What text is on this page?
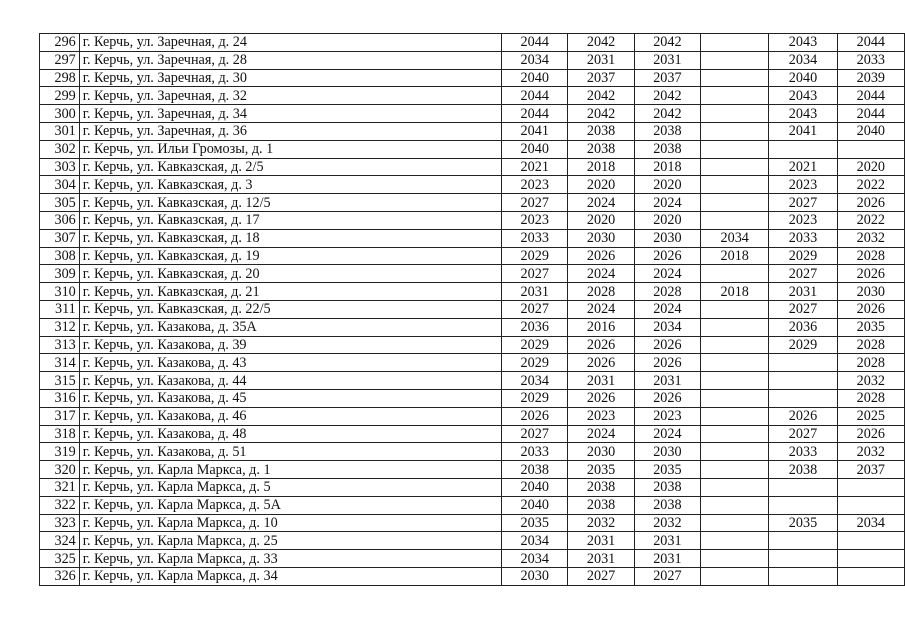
296	г. Керчь, ул. Заречная, д. 24	2044	2042	2042		2043	2044
297	г. Керчь, ул. Заречная, д. 28	2034	2031	2031		2034	2033
298	г. Керчь, ул. Заречная, д. 30	2040	2037	2037		2040	2039
299	г. Керчь, ул. Заречная, д. 32	2044	2042	2042		2043	2044
300	г. Керчь, ул. Заречная, д. 34	2044	2042	2042		2043	2044
301	г. Керчь, ул. Заречная, д. 36	2041	2038	2038		2041	2040
302	г. Керчь, ул. Ильи Громозы, д. 1	2040	2038	2038			
303	г. Керчь, ул. Кавказская, д. 2/5	2021	2018	2018		2021	2020
304	г. Керчь, ул. Кавказская, д. 3	2023	2020	2020		2023	2022
305	г. Керчь, ул. Кавказская, д. 12/5	2027	2024	2024		2027	2026
306	г. Керчь, ул. Кавказская, д. 17	2023	2020	2020		2023	2022
307	г. Керчь, ул. Кавказская, д. 18	2033	2030	2030	2034	2033	2032
308	г. Керчь, ул. Кавказская, д. 19	2029	2026	2026	2018	2029	2028
309	г. Керчь, ул. Кавказская, д. 20	2027	2024	2024		2027	2026
310	г. Керчь, ул. Кавказская, д. 21	2031	2028	2028	2018	2031	2030
311	г. Керчь, ул. Кавказская, д. 22/5	2027	2024	2024		2027	2026
312	г. Керчь, ул. Казакова, д. 35А	2036	2016	2034		2036	2035
313	г. Керчь, ул. Казакова, д. 39	2029	2026	2026		2029	2028
314	г. Керчь, ул. Казакова, д. 43	2029	2026	2026			2028
315	г. Керчь, ул. Казакова, д. 44	2034	2031	2031			2032
316	г. Керчь, ул. Казакова, д. 45	2029	2026	2026			2028
317	г. Керчь, ул. Казакова, д. 46	2026	2023	2023		2026	2025
318	г. Керчь, ул. Казакова, д. 48	2027	2024	2024		2027	2026
319	г. Керчь, ул. Казакова, д. 51	2033	2030	2030		2033	2032
320	г. Керчь, ул. Карла Маркса, д. 1	2038	2035	2035		2038	2037
321	г. Керчь, ул. Карла Маркса, д. 5	2040	2038	2038			
322	г. Керчь, ул. Карла Маркса, д. 5А	2040	2038	2038			
323	г. Керчь, ул. Карла Маркса, д. 10	2035	2032	2032		2035	2034
324	г. Керчь, ул. Карла Маркса, д. 25	2034	2031	2031			
325	г. Керчь, ул. Карла Маркса, д. 33	2034	2031	2031			
326	г. Керчь, ул. Карла Маркса, д. 34	2030	2027	2027			
